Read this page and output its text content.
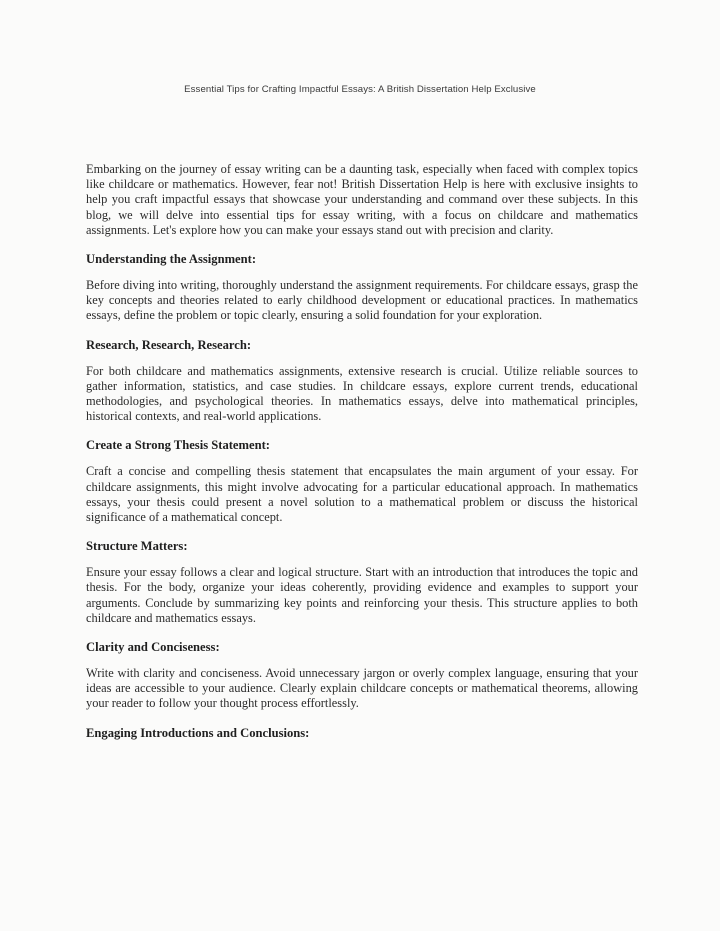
Essential Tips for Crafting Impactful Essays: A British Dissertation Help Exclusive

Embarking on the journey of essay writing can be a daunting task, especially when faced with complex topics like childcare or mathematics. However, fear not! British Dissertation Help is here with exclusive insights to help you craft impactful essays that showcase your understanding and command over these subjects. In this blog, we will delve into essential tips for essay writing, with a focus on childcare and mathematics assignments. Let's explore how you can make your essays stand out with precision and clarity.

Understanding the Assignment:

Before diving into writing, thoroughly understand the assignment requirements. For childcare essays, grasp the key concepts and theories related to early childhood development or educational practices. In mathematics essays, define the problem or topic clearly, ensuring a solid foundation for your exploration.

Research, Research, Research:

For both childcare and mathematics assignments, extensive research is crucial. Utilize reliable sources to gather information, statistics, and case studies. In childcare essays, explore current trends, educational methodologies, and psychological theories. In mathematics essays, delve into mathematical principles, historical contexts, and real-world applications.

Create a Strong Thesis Statement:

Craft a concise and compelling thesis statement that encapsulates the main argument of your essay. For childcare assignments, this might involve advocating for a particular educational approach. In mathematics essays, your thesis could present a novel solution to a mathematical problem or discuss the historical significance of a mathematical concept.

Structure Matters:

Ensure your essay follows a clear and logical structure. Start with an introduction that introduces the topic and thesis. For the body, organize your ideas coherently, providing evidence and examples to support your arguments. Conclude by summarizing key points and reinforcing your thesis. This structure applies to both childcare and mathematics essays.

Clarity and Conciseness:

Write with clarity and conciseness. Avoid unnecessary jargon or overly complex language, ensuring that your ideas are accessible to your audience. Clearly explain childcare concepts or mathematical theorems, allowing your reader to follow your thought process effortlessly.

Engaging Introductions and Conclusions:
